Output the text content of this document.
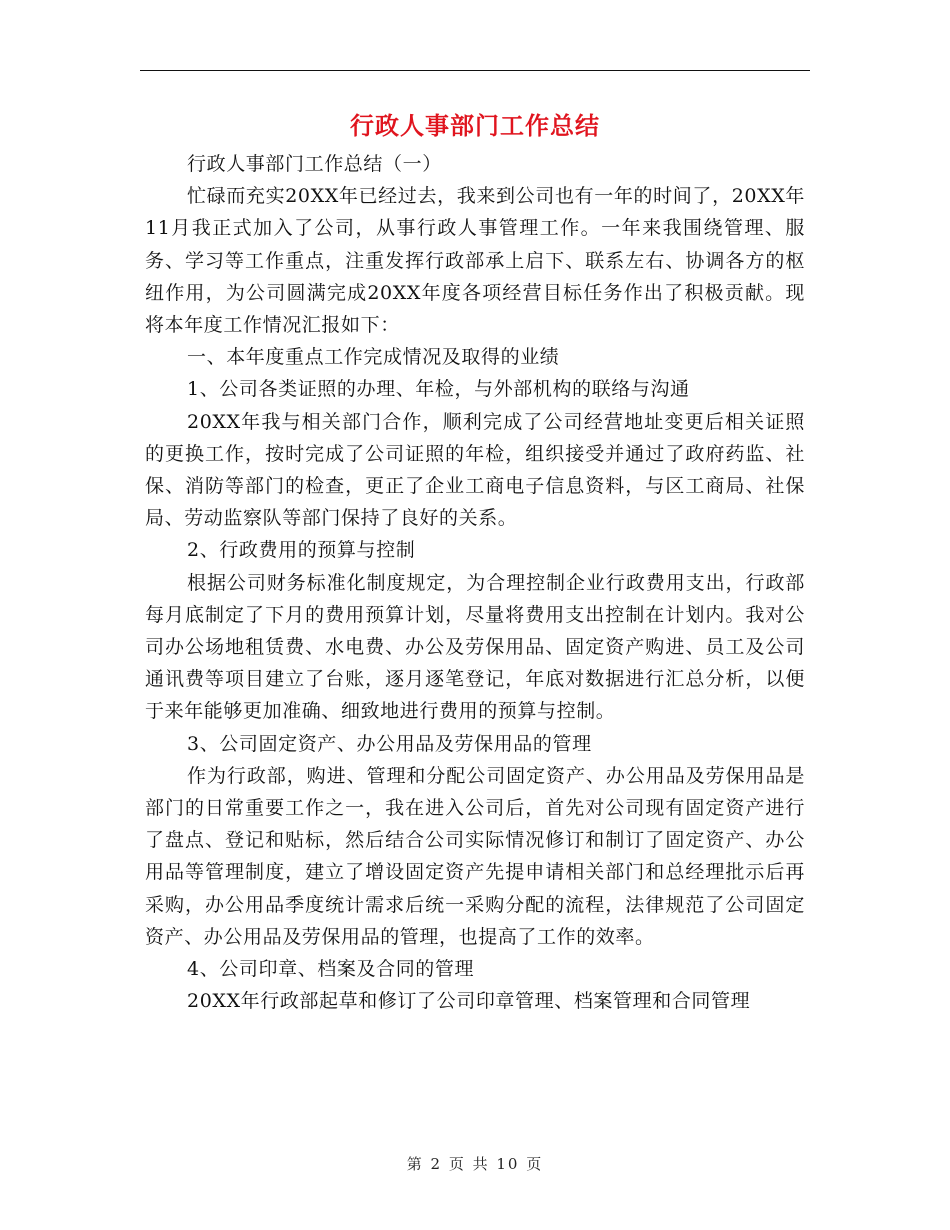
行政人事部门工作总结

行政人事部门工作总结（一）

忙碌而充实20XX年已经过去，我来到公司也有一年的时间了，20XX年11月我正式加入了公司，从事行政人事管理工作。一年来我围绕管理、服务、学习等工作重点，注重发挥行政部承上启下、联系左右、协调各方的枢纽作用，为公司圆满完成20XX年度各项经营目标任务作出了积极贡献。现将本年度工作情况汇报如下：

一、本年度重点工作完成情况及取得的业绩

1、公司各类证照的办理、年检，与外部机构的联络与沟通

20XX年我与相关部门合作，顺利完成了公司经营地址变更后相关证照的更换工作，按时完成了公司证照的年检，组织接受并通过了政府药监、社保、消防等部门的检查，更正了企业工商电子信息资料，与区工商局、社保局、劳动监察队等部门保持了良好的关系。

2、行政费用的预算与控制

根据公司财务标准化制度规定，为合理控制企业行政费用支出，行政部每月底制定了下月的费用预算计划，尽量将费用支出控制在计划内。我对公司办公场地租赁费、水电费、办公及劳保用品、固定资产购进、员工及公司通讯费等项目建立了台账，逐月逐笔登记，年底对数据进行汇总分析，以便于来年能够更加准确、细致地进行费用的预算与控制。

3、公司固定资产、办公用品及劳保用品的管理

作为行政部，购进、管理和分配公司固定资产、办公用品及劳保用品是部门的日常重要工作之一，我在进入公司后，首先对公司现有固定资产进行了盘点、登记和贴标，然后结合公司实际情况修订和制订了固定资产、办公用品等管理制度，建立了增设固定资产先提申请相关部门和总经理批示后再采购，办公用品季度统计需求后统一采购分配的流程，法律规范了公司固定资产、办公用品及劳保用品的管理，也提高了工作的效率。

4、公司印章、档案及合同的管理

20XX年行政部起草和修订了公司印章管理、档案管理和合同管理

第 2 页 共 10 页
